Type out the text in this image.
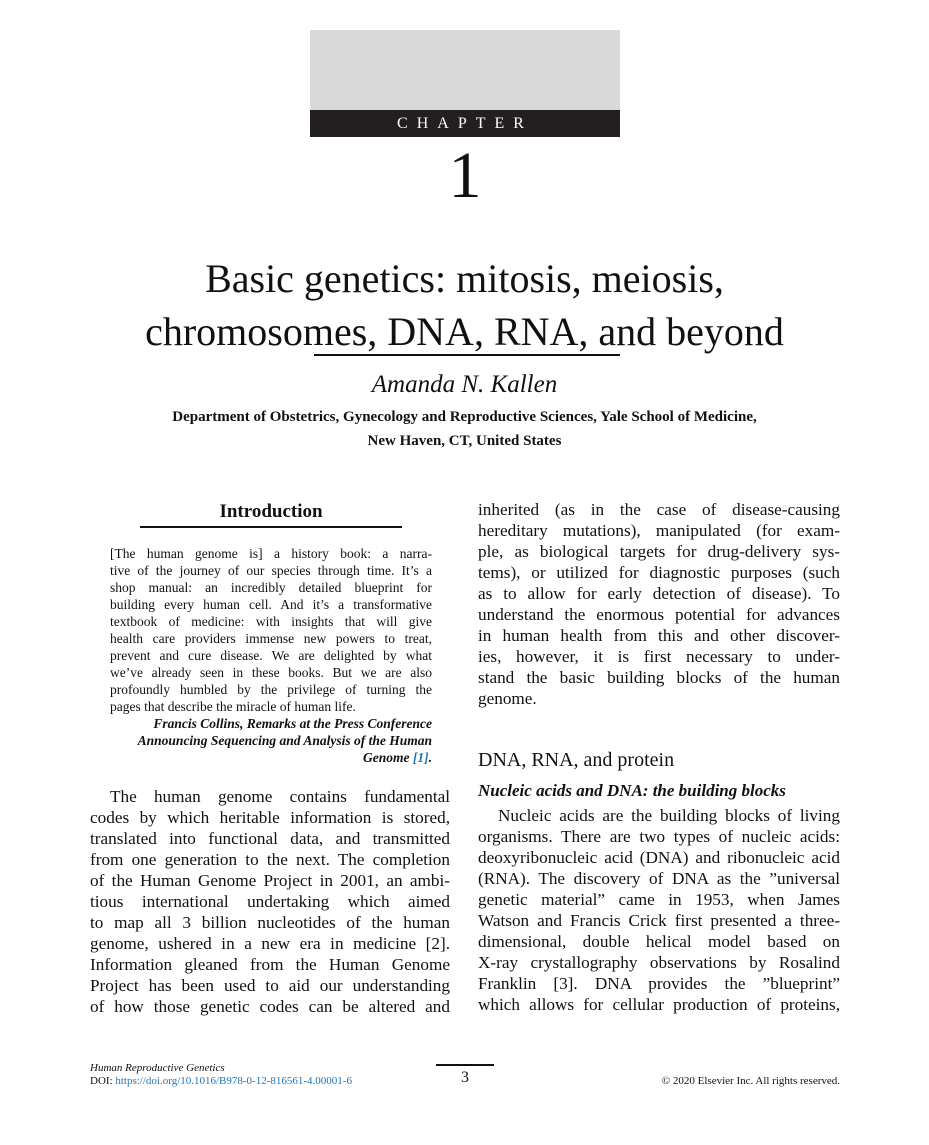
CHAPTER
1
Basic genetics: mitosis, meiosis,
chromosomes, DNA, RNA, and beyond
Amanda N. Kallen
Department of Obstetrics, Gynecology and Reproductive Sciences, Yale School of Medicine,
New Haven, CT, United States
Introduction
[The human genome is] a history book: a narra-
tive of the journey of our species through time. It’s a
shop manual: an incredibly detailed blueprint for
building every human cell. And it’s a transformative
textbook of medicine: with insights that will give
health care providers immense new powers to treat,
prevent and cure disease. We are delighted by what
we’ve already seen in these books. But we are also
profoundly humbled by the privilege of turning the
pages that describe the miracle of human life.
Francis Collins, Remarks at the Press Conference
Announcing Sequencing and Analysis of the Human
Genome [1].
The human genome contains fundamental
codes by which heritable information is stored,
translated into functional data, and transmitted
from one generation to the next. The completion
of the Human Genome Project in 2001, an ambi-
tious international undertaking which aimed
to map all 3 billion nucleotides of the human
genome, ushered in a new era in medicine [2].
Information gleaned from the Human Genome
Project has been used to aid our understanding
of how those genetic codes can be altered and
inherited (as in the case of disease-causing
hereditary mutations), manipulated (for exam-
ple, as biological targets for drug-delivery sys-
tems), or utilized for diagnostic purposes (such
as to allow for early detection of disease). To
understand the enormous potential for advances
in human health from this and other discover-
ies, however, it is first necessary to under-
stand the basic building blocks of the human
genome.
DNA, RNA, and protein
Nucleic acids and DNA: the building blocks
Nucleic acids are the building blocks of living
organisms. There are two types of nucleic acids:
deoxyribonucleic acid (DNA) and ribonucleic acid
(RNA). The discovery of DNA as the ”universal
genetic material” came in 1953, when James
Watson and Francis Crick first presented a three-
dimensional, double helical model based on
X-ray crystallography observations by Rosalind
Franklin [3]. DNA provides the ”blueprint”
which allows for cellular production of proteins,
Human Reproductive Genetics
DOI: https://doi.org/10.1016/B978-0-12-816561-4.00001-6	3	© 2020 Elsevier Inc. All rights reserved.
